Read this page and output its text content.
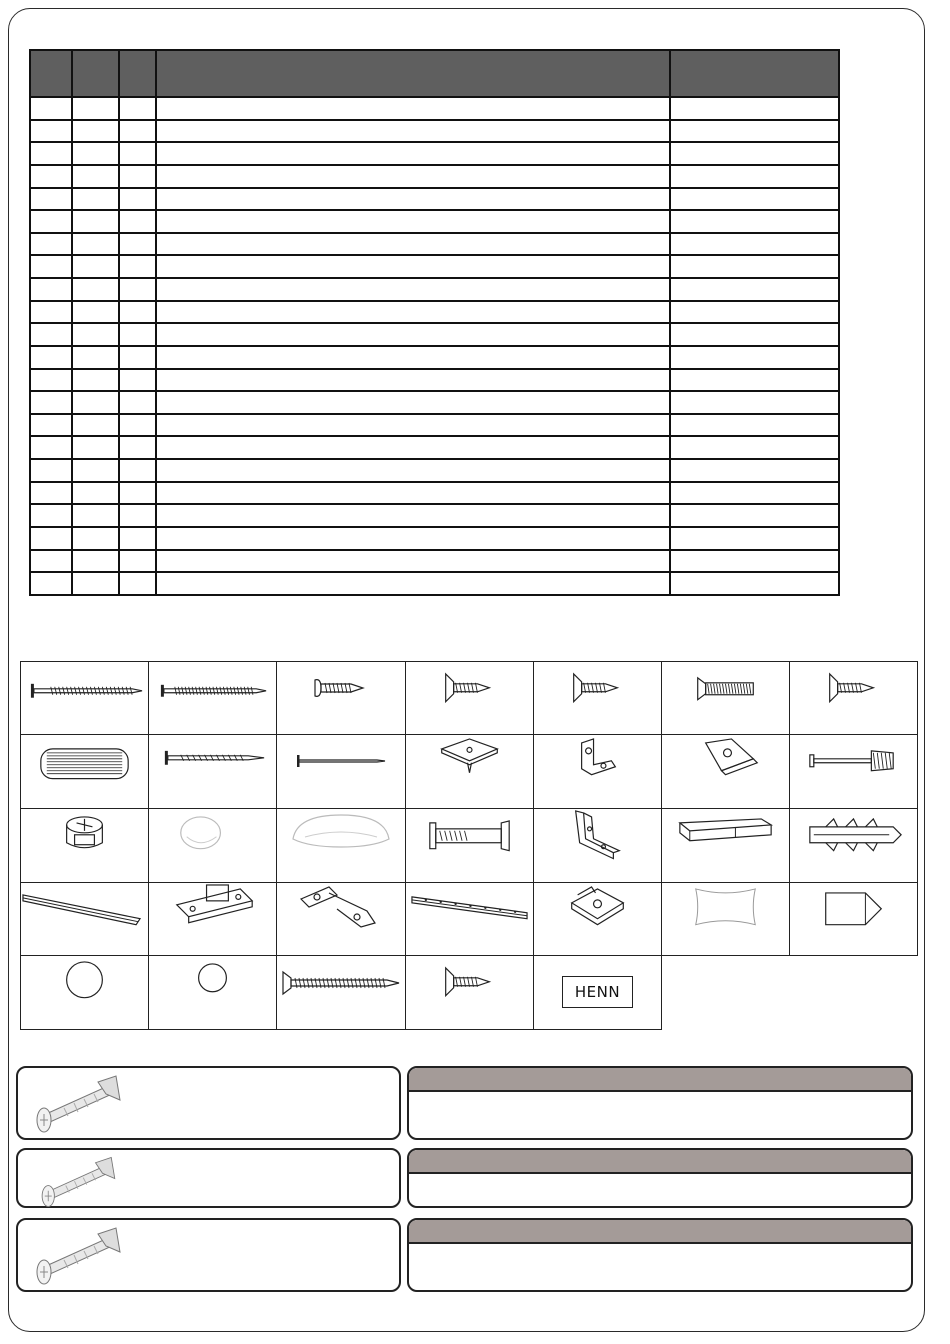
HENN
